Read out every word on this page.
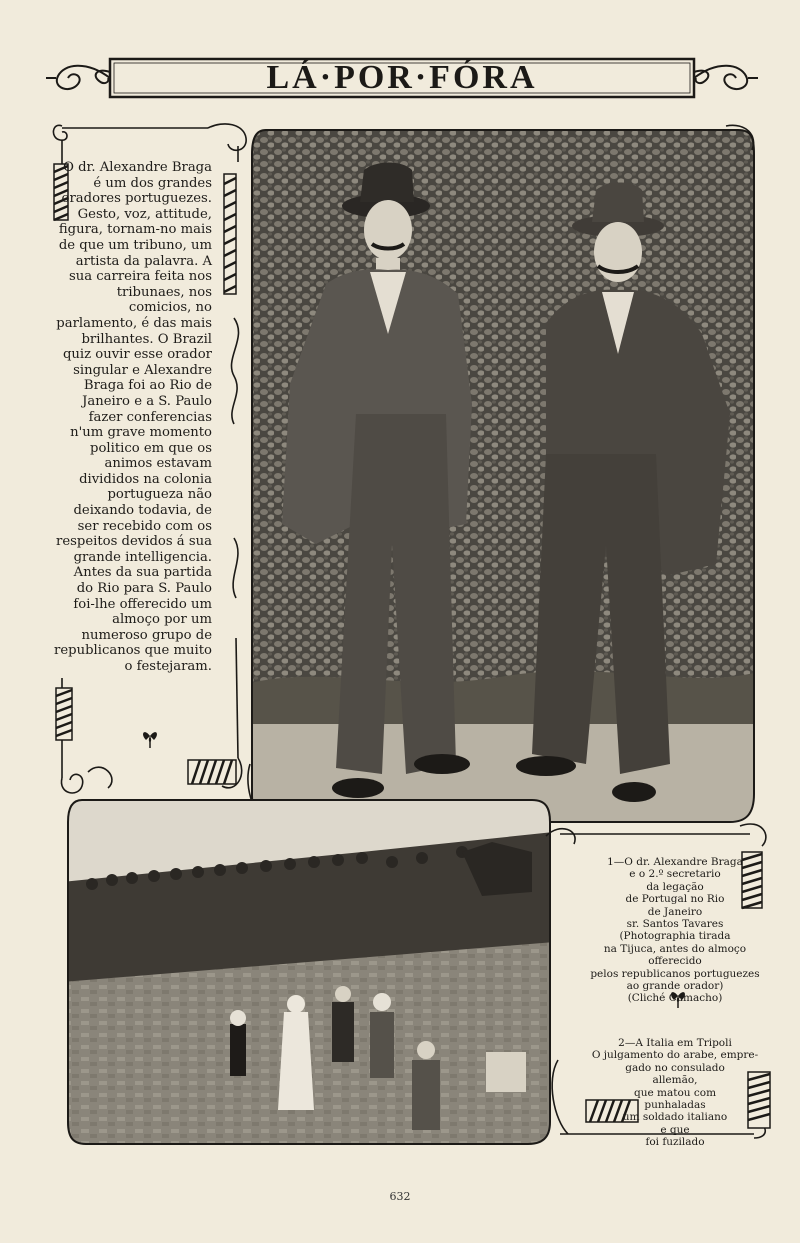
LÁ·POR·FÓRA

O dr. Alexandre Braga é um dos grandes oradores portuguezes. Gesto, voz, attitude, figura, tornam-no mais de que um tribuno, um artista da palavra. A sua carreira feita nos tribunaes, nos comicios, no parlamento, é das mais brilhantes. O Brazil quiz ouvir esse orador singular e Alexandre Braga foi ao Rio de Janeiro e a S. Paulo fazer conferencias n'um grave momento politico em que os animos estavam divididos na colonia portugueza não deixando todavia, de ser recebido com os respeitos devidos á sua grande intelligencia.

Antes da sua partida do Rio para S. Paulo foi-lhe offerecido um almoço por um numeroso grupo de republicanos que muito o festejaram.

1—O dr. Alexandre Braga
e o 2.º secretario
da legação
de Portugal no Rio
de Janeiro
sr. Santos Tavares
(Photographia tirada
na Tijuca, antes do almoço
offerecido
pelos republicanos portuguezes
ao grande orador)
(Cliché Camacho)
2—A Italia em Tripoli
O julgamento do arabe, empre-
gado no consulado
allemão,
que matou com
punhaladas
um soldado italiano
e que
foi fuzilado
632
